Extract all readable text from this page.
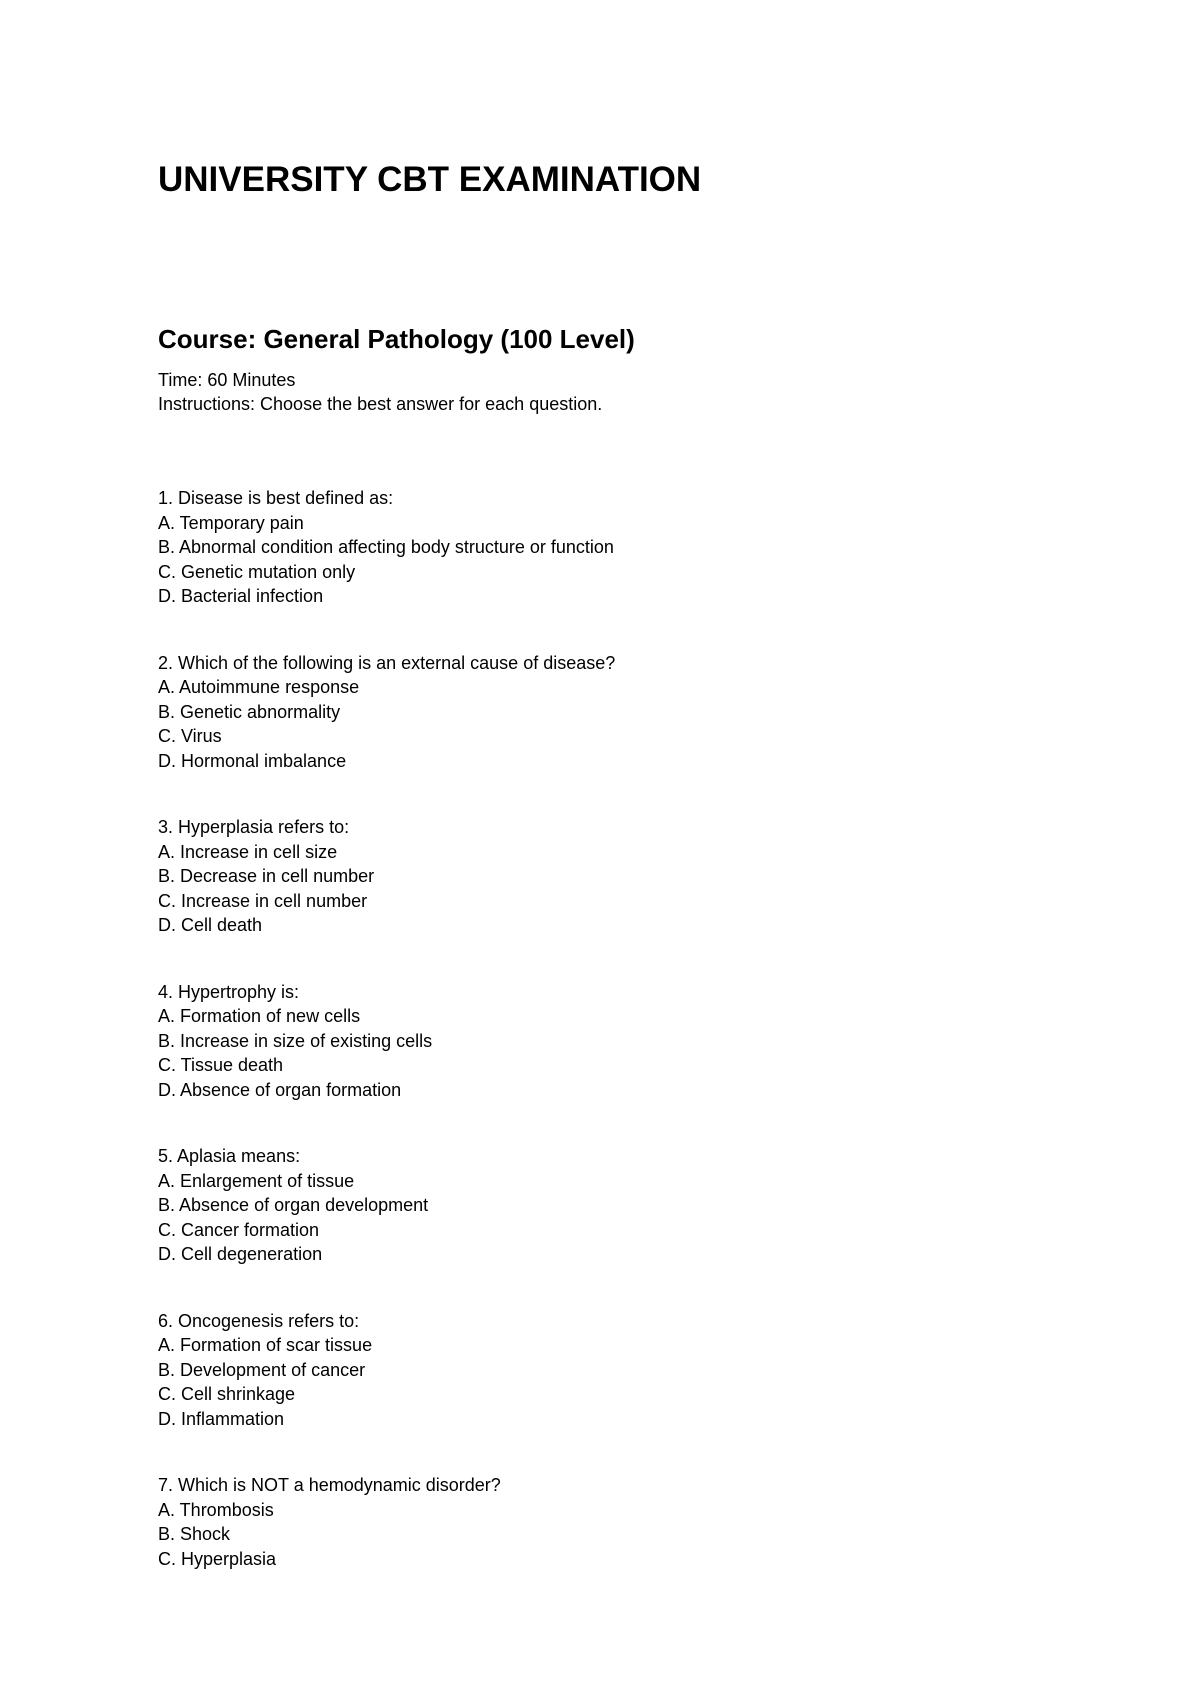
UNIVERSITY CBT EXAMINATION
Course: General Pathology (100 Level)
Time: 60 Minutes
Instructions: Choose the best answer for each question.
1. Disease is best defined as:
A. Temporary pain
B. Abnormal condition affecting body structure or function
C. Genetic mutation only
D. Bacterial infection
2. Which of the following is an external cause of disease?
A. Autoimmune response
B. Genetic abnormality
C. Virus
D. Hormonal imbalance
3. Hyperplasia refers to:
A. Increase in cell size
B. Decrease in cell number
C. Increase in cell number
D. Cell death
4. Hypertrophy is:
A. Formation of new cells
B. Increase in size of existing cells
C. Tissue death
D. Absence of organ formation
5. Aplasia means:
A. Enlargement of tissue
B. Absence of organ development
C. Cancer formation
D. Cell degeneration
6. Oncogenesis refers to:
A. Formation of scar tissue
B. Development of cancer
C. Cell shrinkage
D. Inflammation
7. Which is NOT a hemodynamic disorder?
A. Thrombosis
B. Shock
C. Hyperplasia
